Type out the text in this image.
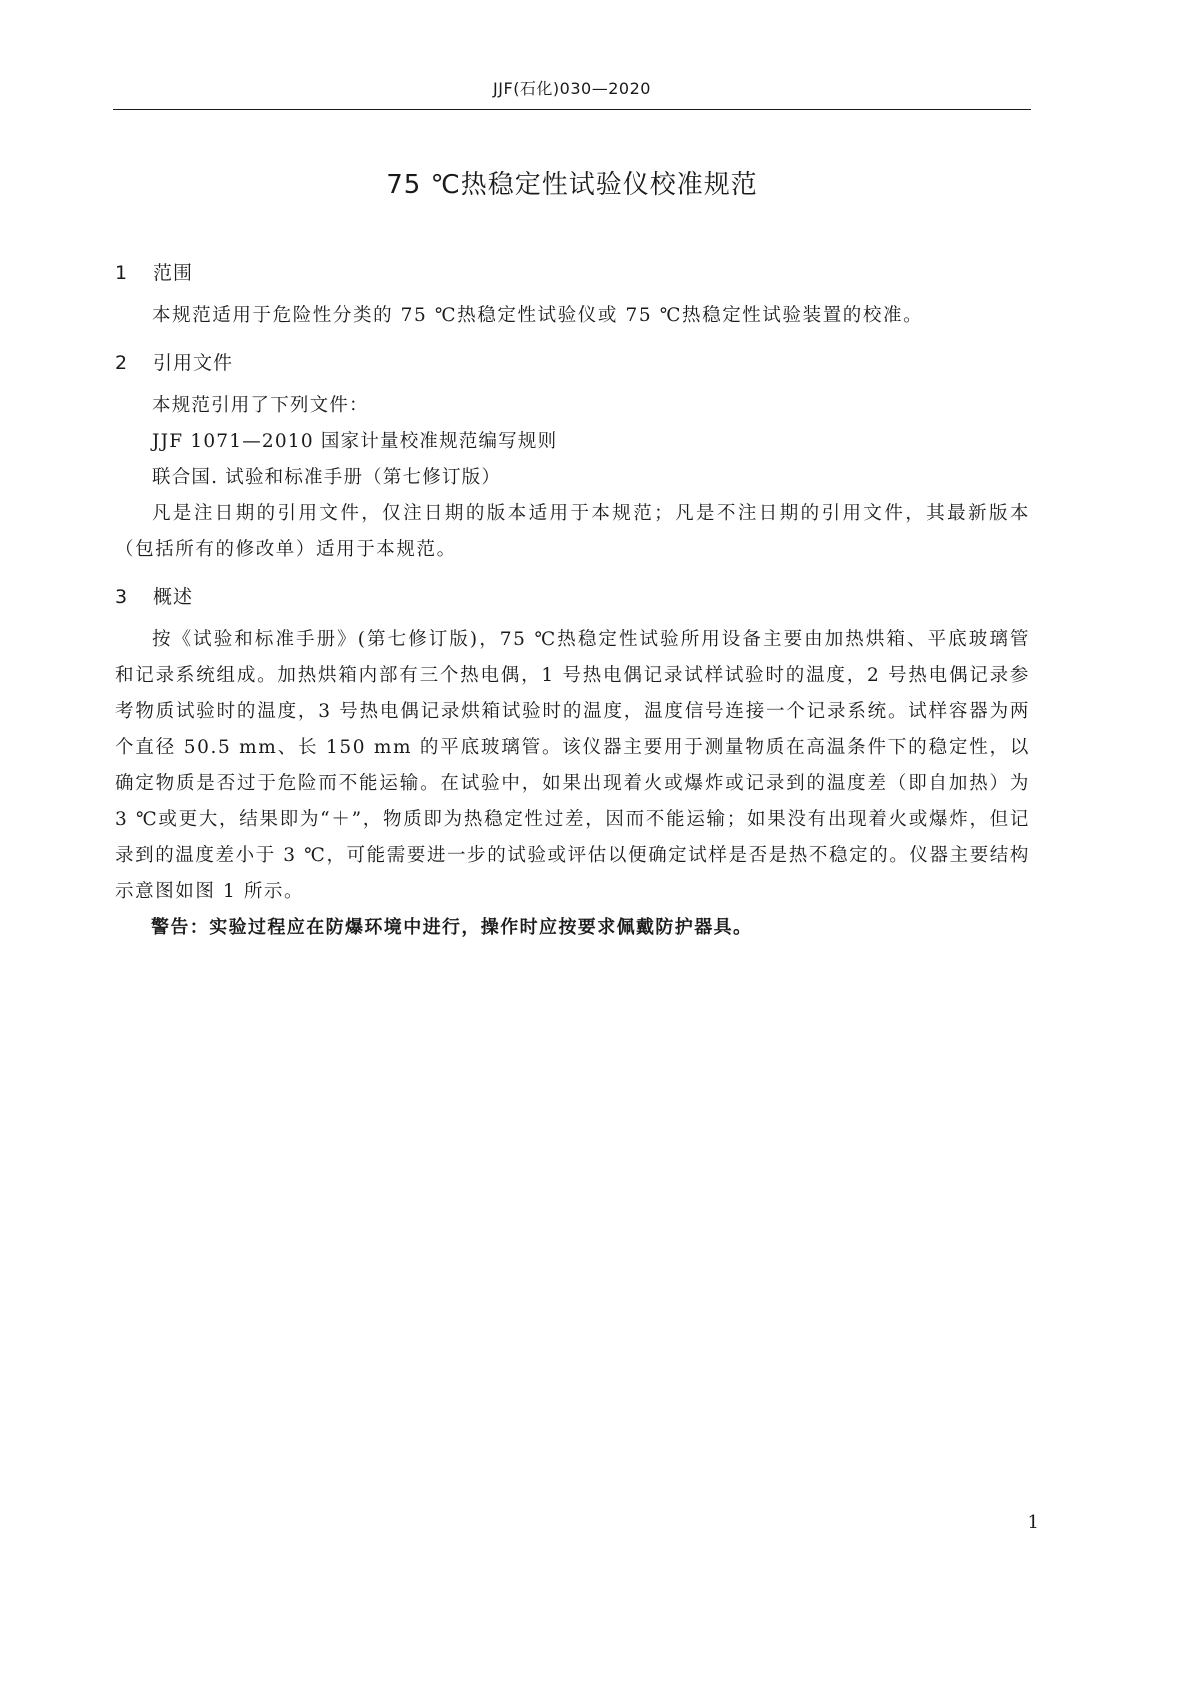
JJF(石化)030—2020
75 ℃热稳定性试验仪校准规范
1 范围

本规范适用于危险性分类的 75 ℃热稳定性试验仪或 75 ℃热稳定性试验装置的校准。

2 引用文件

本规范引用了下列文件：

JJF 1071—2010 国家计量校准规范编写规则

联合国. 试验和标准手册（第七修订版）

凡是注日期的引用文件，仅注日期的版本适用于本规范；凡是不注日期的引用文件，其最新版本（包括所有的修改单）适用于本规范。

3 概述

按《试验和标准手册》(第七修订版)，75 ℃热稳定性试验所用设备主要由加热烘箱、平底玻璃管和记录系统组成。加热烘箱内部有三个热电偶，1 号热电偶记录试样试验时的温度，2 号热电偶记录参考物质试验时的温度，3 号热电偶记录烘箱试验时的温度，温度信号连接一个记录系统。试样容器为两个直径 50.5 mm、长 150 mm 的平底玻璃管。该仪器主要用于测量物质在高温条件下的稳定性，以确定物质是否过于危险而不能运输。在试验中，如果出现着火或爆炸或记录到的温度差（即自加热）为3 ℃或更大，结果即为“＋”，物质即为热稳定性过差，因而不能运输；如果没有出现着火或爆炸，但记录到的温度差小于 3 ℃，可能需要进一步的试验或评估以便确定试样是否是热不稳定的。仪器主要结构示意图如图 1 所示。

警告：实验过程应在防爆环境中进行，操作时应按要求佩戴防护器具。

1
